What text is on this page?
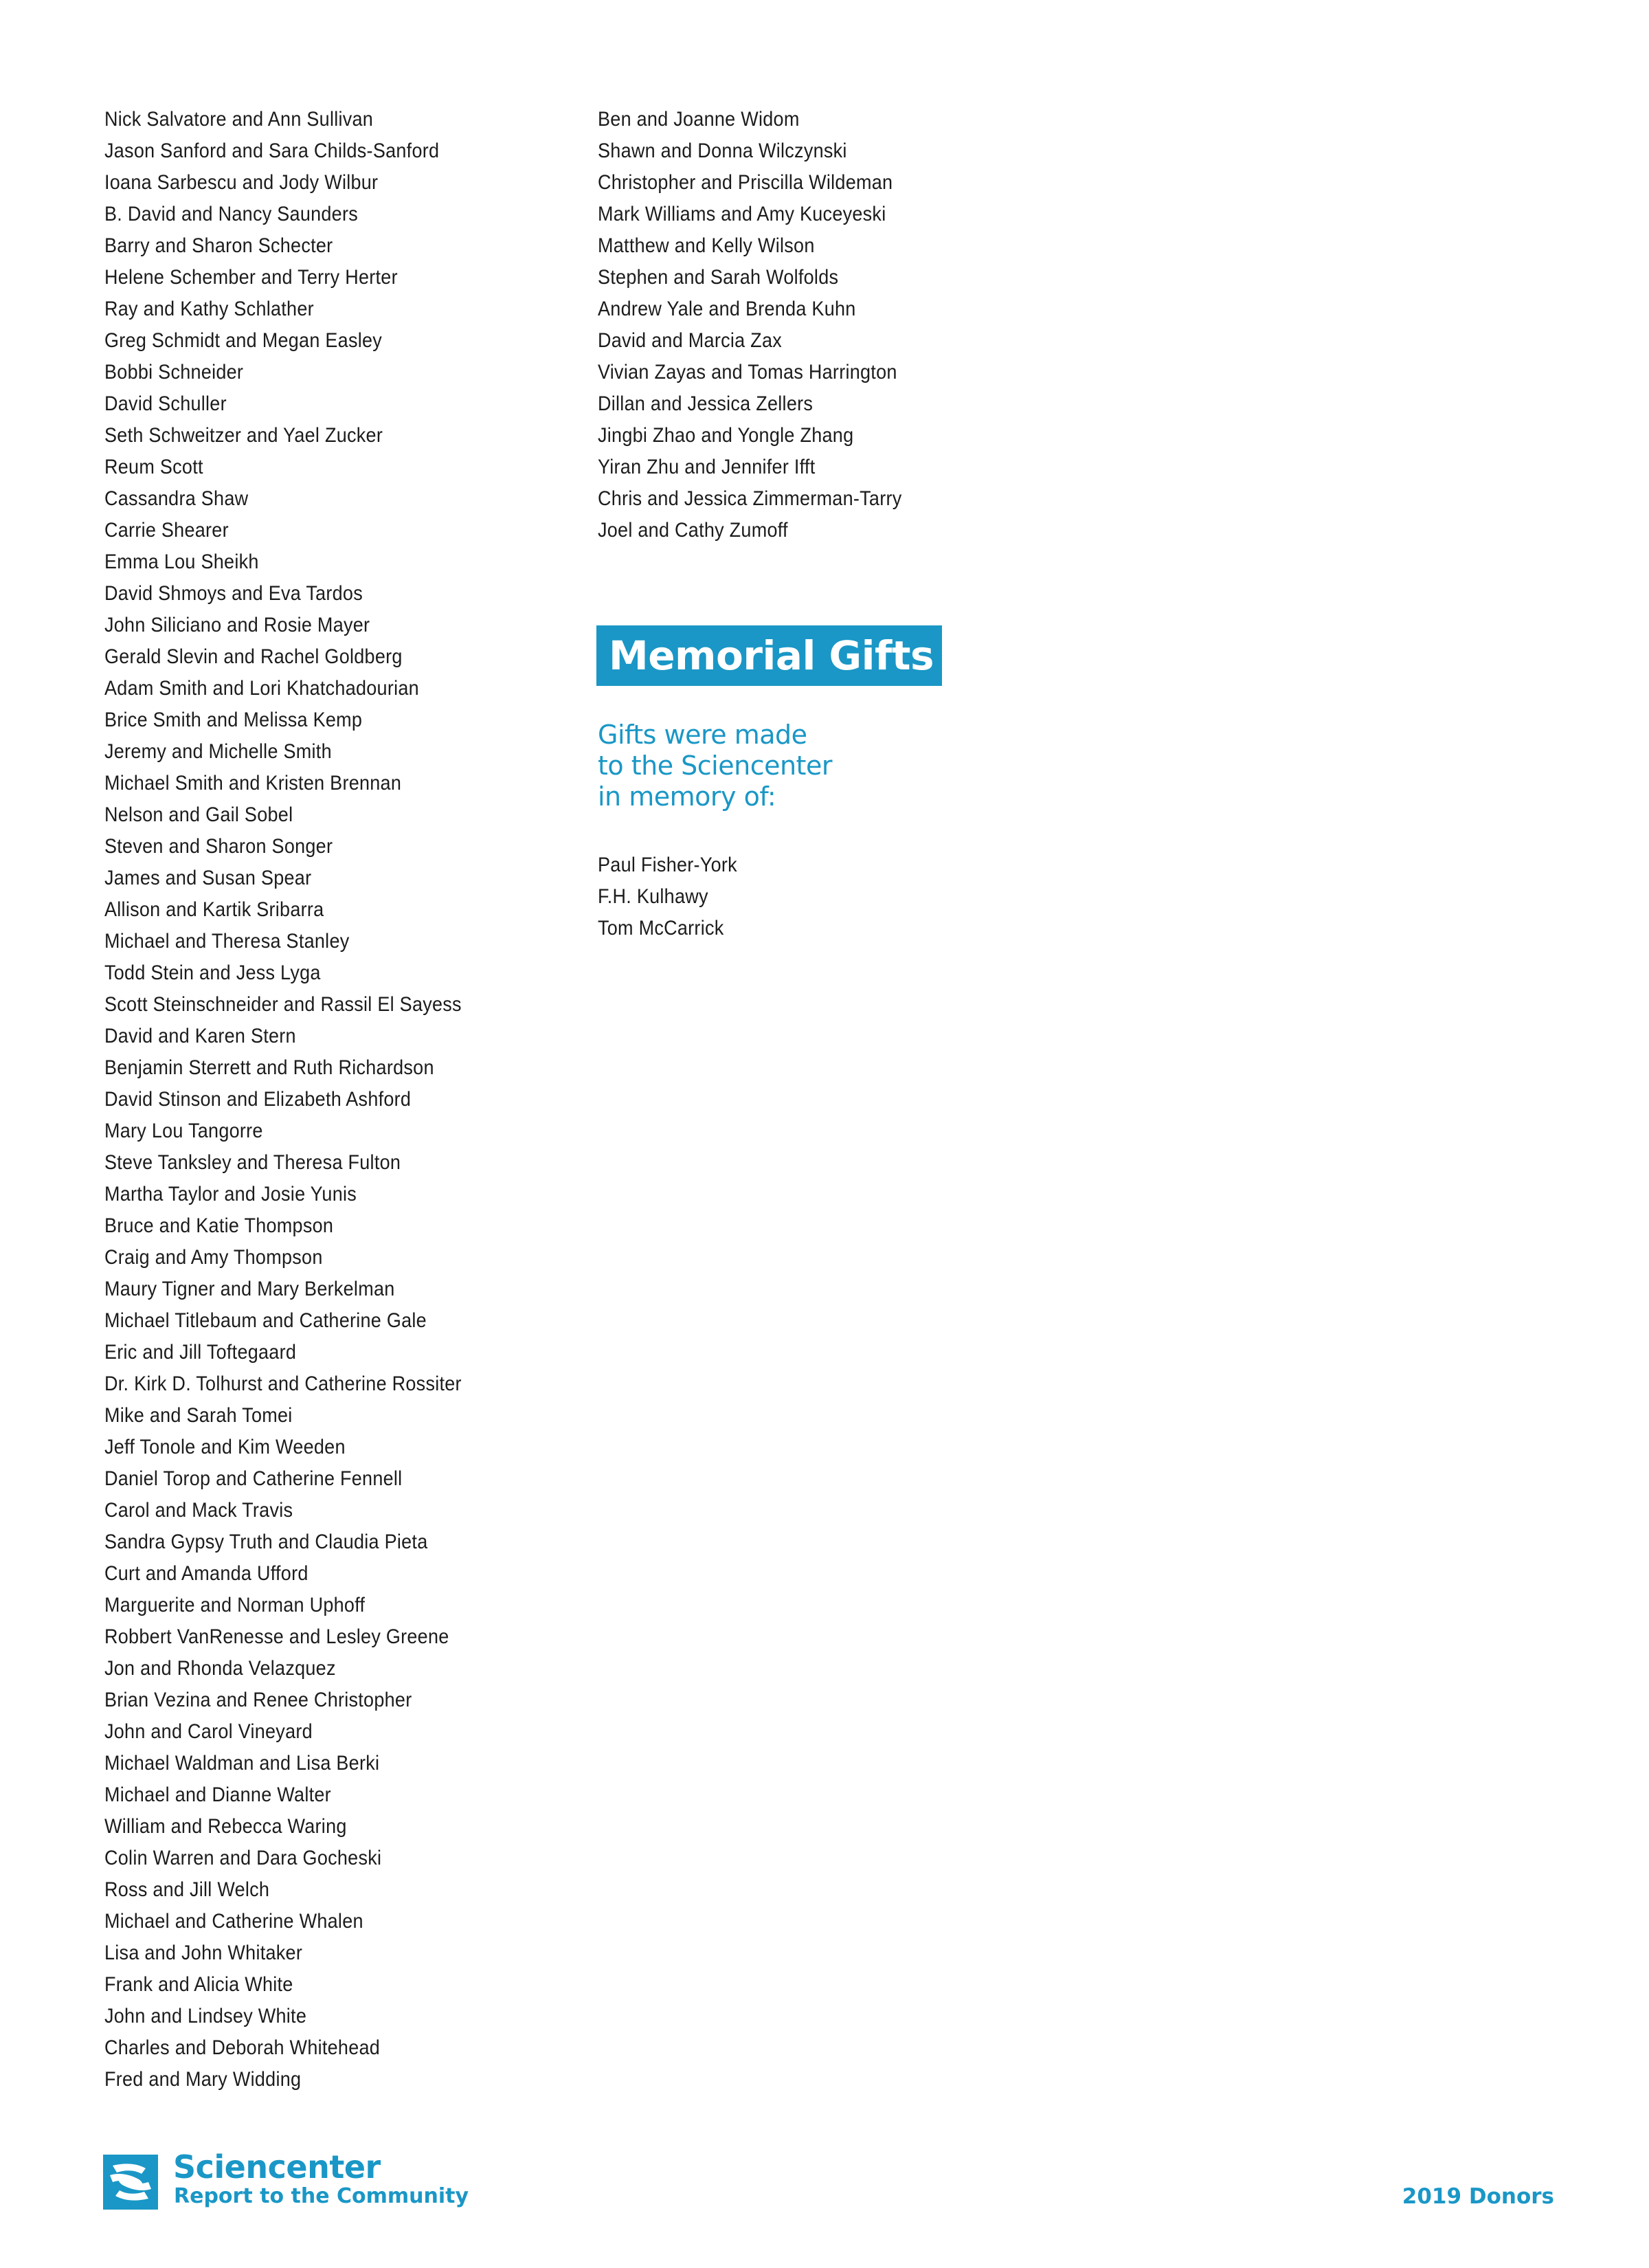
Nick Salvatore and Ann Sullivan
Jason Sanford and Sara Childs-Sanford
Ioana Sarbescu and Jody Wilbur
B. David and Nancy Saunders
Barry and Sharon Schecter
Helene Schember and Terry Herter
Ray and Kathy Schlather
Greg Schmidt and Megan Easley
Bobbi Schneider
David Schuller
Seth Schweitzer and Yael Zucker
Reum Scott
Cassandra Shaw
Carrie Shearer
Emma Lou Sheikh
David Shmoys and Eva Tardos
John Siliciano and Rosie Mayer
Gerald Slevin and Rachel Goldberg
Adam Smith and Lori Khatchadourian
Brice Smith and Melissa Kemp
Jeremy and Michelle Smith
Michael Smith and Kristen Brennan
Nelson and Gail Sobel
Steven and Sharon Songer
James and Susan Spear
Allison and Kartik Sribarra
Michael and Theresa Stanley
Todd Stein and Jess Lyga
Scott Steinschneider and Rassil El Sayess
David and Karen Stern
Benjamin Sterrett and Ruth Richardson
David Stinson and Elizabeth Ashford
Mary Lou Tangorre
Steve Tanksley and Theresa Fulton
Martha Taylor and Josie Yunis
Bruce and Katie Thompson
Craig and Amy Thompson
Maury Tigner and Mary Berkelman
Michael Titlebaum and Catherine Gale
Eric and Jill Toftegaard
Dr. Kirk D. Tolhurst and Catherine Rossiter
Mike and Sarah Tomei
Jeff Tonole and Kim Weeden
Daniel Torop and Catherine Fennell
Carol and Mack Travis
Sandra Gypsy Truth and Claudia Pieta
Curt and Amanda Ufford
Marguerite and Norman Uphoff
Robbert VanRenesse and Lesley Greene
Jon and Rhonda Velazquez
Brian Vezina and Renee Christopher
John and Carol Vineyard
Michael Waldman and Lisa Berki
Michael and Dianne Walter
William and Rebecca Waring
Colin Warren and Dara Gocheski
Ross and Jill Welch
Michael and Catherine Whalen
Lisa and John Whitaker
Frank and Alicia White
John and Lindsey White
Charles and Deborah Whitehead
Fred and Mary Widding
Ben and Joanne Widom
Shawn and Donna Wilczynski
Christopher and Priscilla Wildeman
Mark Williams and Amy Kuceyeski
Matthew and Kelly Wilson
Stephen and Sarah Wolfolds
Andrew Yale and Brenda Kuhn
David and Marcia Zax
Vivian Zayas and Tomas Harrington
Dillan and Jessica Zellers
Jingbi Zhao and Yongle Zhang
Yiran Zhu and Jennifer Ifft
Chris and Jessica Zimmerman-Tarry
Joel and Cathy Zumoff
Memorial Gifts
Gifts were made
to the Sciencenter
in memory of:
Paul Fisher-York
F.H. Kulhawy
Tom McCarrick
Sciencenter
Report to the Community	2019 Donors
